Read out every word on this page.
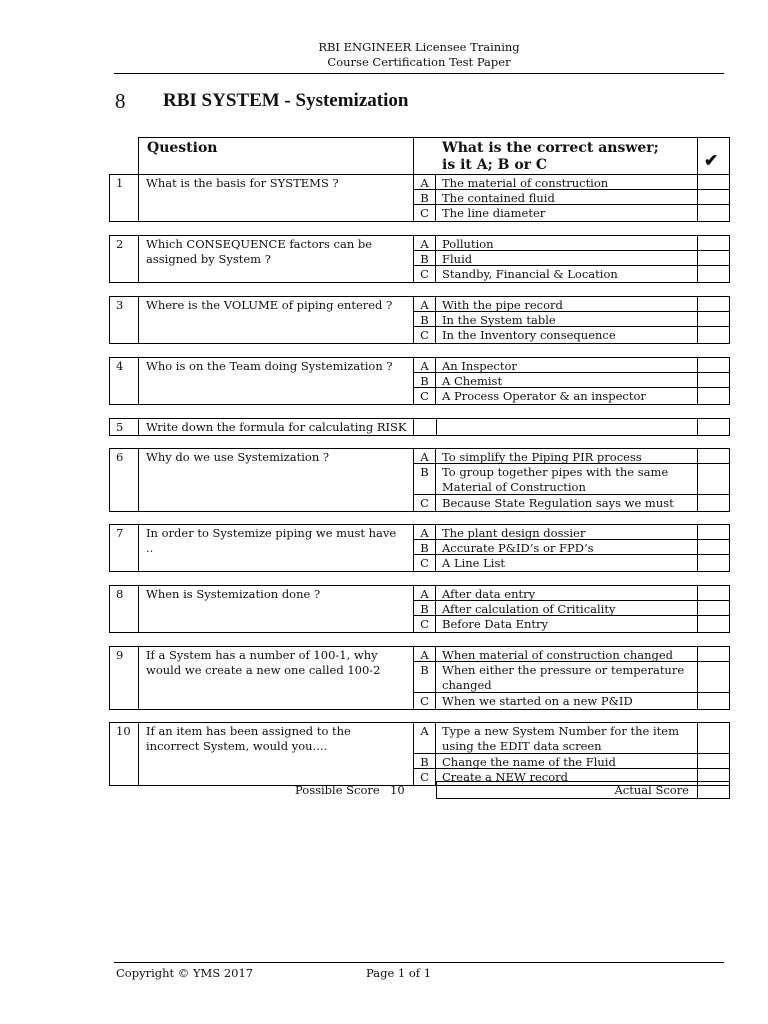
RBI ENGINEER Licensee Training
Course Certification Test Paper
8 RBI SYSTEM - Systemization
Question	What is the correct answer;
is it A; B or C	✔
1	What is the basis for SYSTEMS ?	A	The material of construction
B	The contained fluid
C	The line diameter
2	Which CONSEQUENCE factors can be assigned by System ?
A	Pollution
B	Fluid
C	Standby, Financial & Location
3	Where is the VOLUME of piping entered ?	A	With the pipe record
B	In the System table
C	In the Inventory consequence
4	Who is on the Team doing Systemization ?	A	An Inspector
B	A Chemist
C	A Process Operator & an inspector
5	Write down the formula for calculating RISK
6	Why do we use Systemization ?	A	To simplify the Piping PIR process
B	To group together pipes with the same Material of Construction
C	Because State Regulation says we must
7	In order to Systemize piping we must have ..
A	The plant design dossier
B	Accurate P&ID’s or FPD’s
C	A Line List
8	When is Systemization done ?	A	After data entry
B	After calculation of Criticality
C	Before Data Entry
9	If a System has a number of 100-1, why would we create a new one called 100-2
A	When material of construction changed
B	When either the pressure or temperature changed
C	When we started on a new P&ID
10	If an item has been assigned to the incorrect System, would you....
A	Type a new System Number for the item using the EDIT data screen
B	Change the name of the Fluid
C	Create a NEW record
Possible Score 10	Actual Score
Copyright © YMS 2017	Page 1 of 1
